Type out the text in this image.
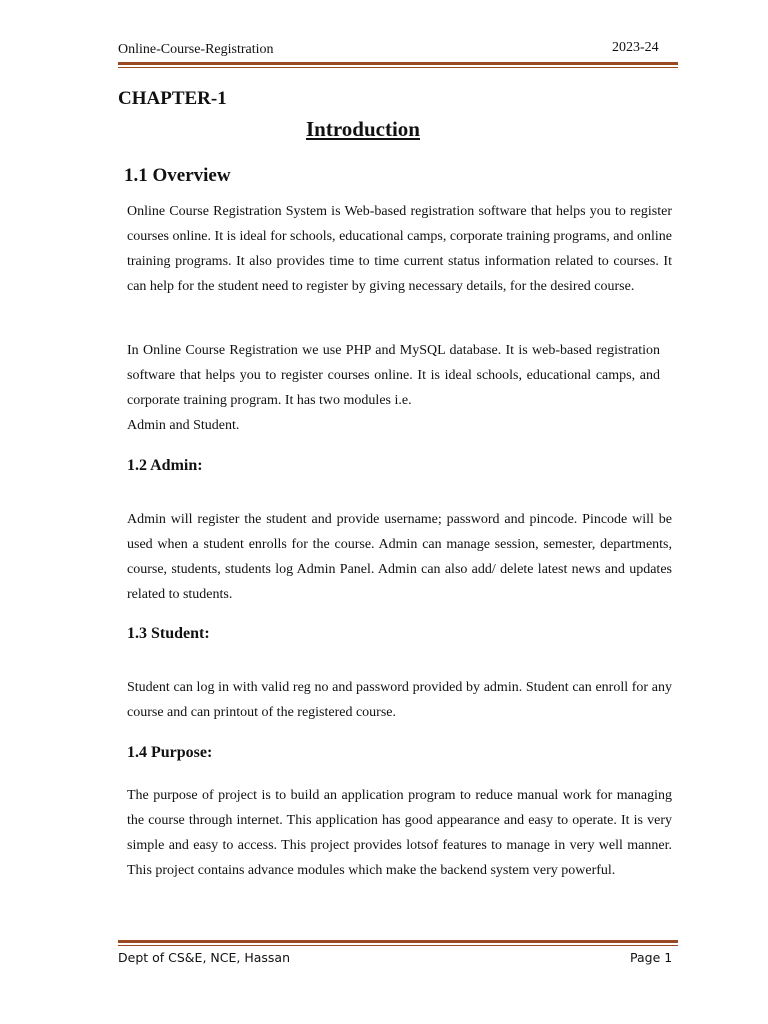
Online-Course-Registration	2023-24
CHAPTER-1
Introduction
1.1 Overview

Online Course Registration System is Web-based registration software that helps you to register courses online. It is ideal for schools, educational camps, corporate training programs, and online training programs. It also provides time to time current status information related to courses. It can help for the student need to register by giving necessary details, for the desired course.

In Online Course Registration we use PHP and MySQL database. It is web-based registration software that helps you to register courses online. It is ideal schools, educational camps, and corporate training program. It has two modules i.e.
Admin and Student.

1.2 Admin:

Admin will register the student and provide username; password and pincode. Pincode will be used when a student enrolls for the course. Admin can manage session, semester, departments, course, students, students log Admin Panel. Admin can also add/ delete latest news and updates related to students.

1.3 Student:

Student can log in with valid reg no and password provided by admin. Student can enroll for any course and can printout of the registered course.

1.4 Purpose:

The purpose of project is to build an application program to reduce manual work for managing the course through internet. This application has good appearance and easy to operate. It is very simple and easy to access. This project provides lotsof features to manage in very well manner. This project contains advance modules which make the backend system very powerful.

Dept of CS&E, NCE, Hassan	Page 1
